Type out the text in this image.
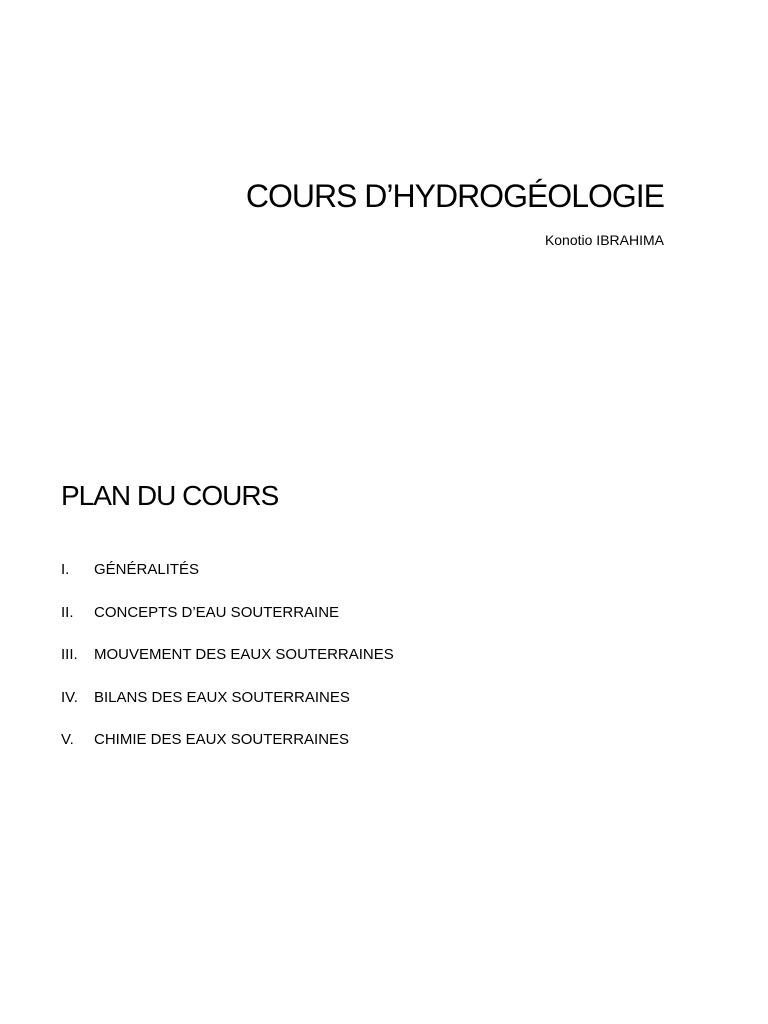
COURS D’HYDROGÉOLOGIE

Konotio IBRAHIMA

PLAN DU COURS
I.	GÉNÉRALITÉS
II.	CONCEPTS D’EAU SOUTERRAINE
III.	MOUVEMENT DES EAUX SOUTERRAINES
IV.	BILANS DES EAUX SOUTERRAINES
V.	CHIMIE DES EAUX SOUTERRAINES
